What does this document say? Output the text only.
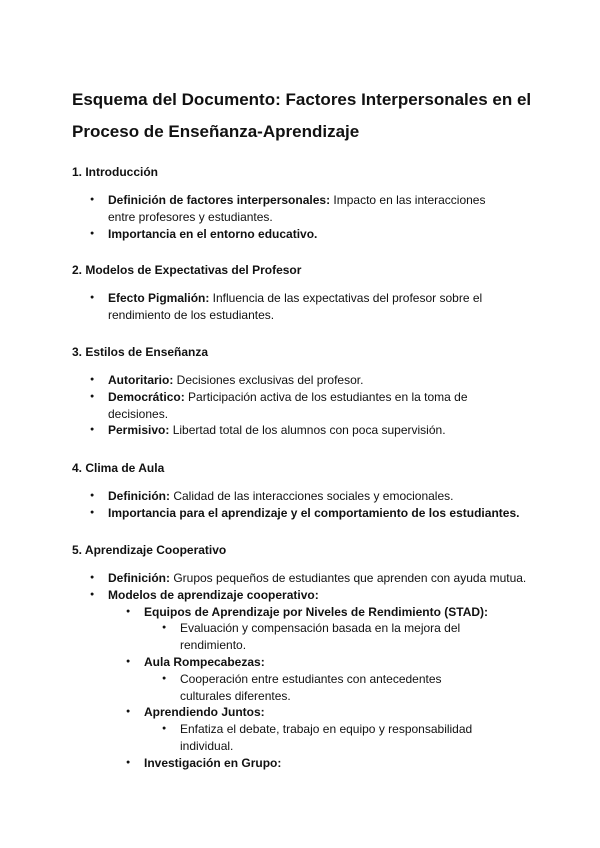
Esquema del Documento: Factores Interpersonales en el Proceso de Enseñanza-Aprendizaje

1. Introducción

● Definición de factores interpersonales: Impacto en las interacciones entre profesores y estudiantes.
● Importancia en el entorno educativo.

2. Modelos de Expectativas del Profesor

● Efecto Pigmalión: Influencia de las expectativas del profesor sobre el rendimiento de los estudiantes.

3. Estilos de Enseñanza

● Autoritario: Decisiones exclusivas del profesor.
● Democrático: Participación activa de los estudiantes en la toma de decisiones.
● Permisivo: Libertad total de los alumnos con poca supervisión.

4. Clima de Aula

● Definición: Calidad de las interacciones sociales y emocionales.
● Importancia para el aprendizaje y el comportamiento de los estudiantes.

5. Aprendizaje Cooperativo

● Definición: Grupos pequeños de estudiantes que aprenden con ayuda mutua.
● Modelos de aprendizaje cooperativo:
● Equipos de Aprendizaje por Niveles de Rendimiento (STAD):
● Evaluación y compensación basada en la mejora del rendimiento.
● Aula Rompecabezas:
● Cooperación entre estudiantes con antecedentes culturales diferentes.
● Aprendiendo Juntos:
● Enfatiza el debate, trabajo en equipo y responsabilidad individual.
● Investigación en Grupo:
